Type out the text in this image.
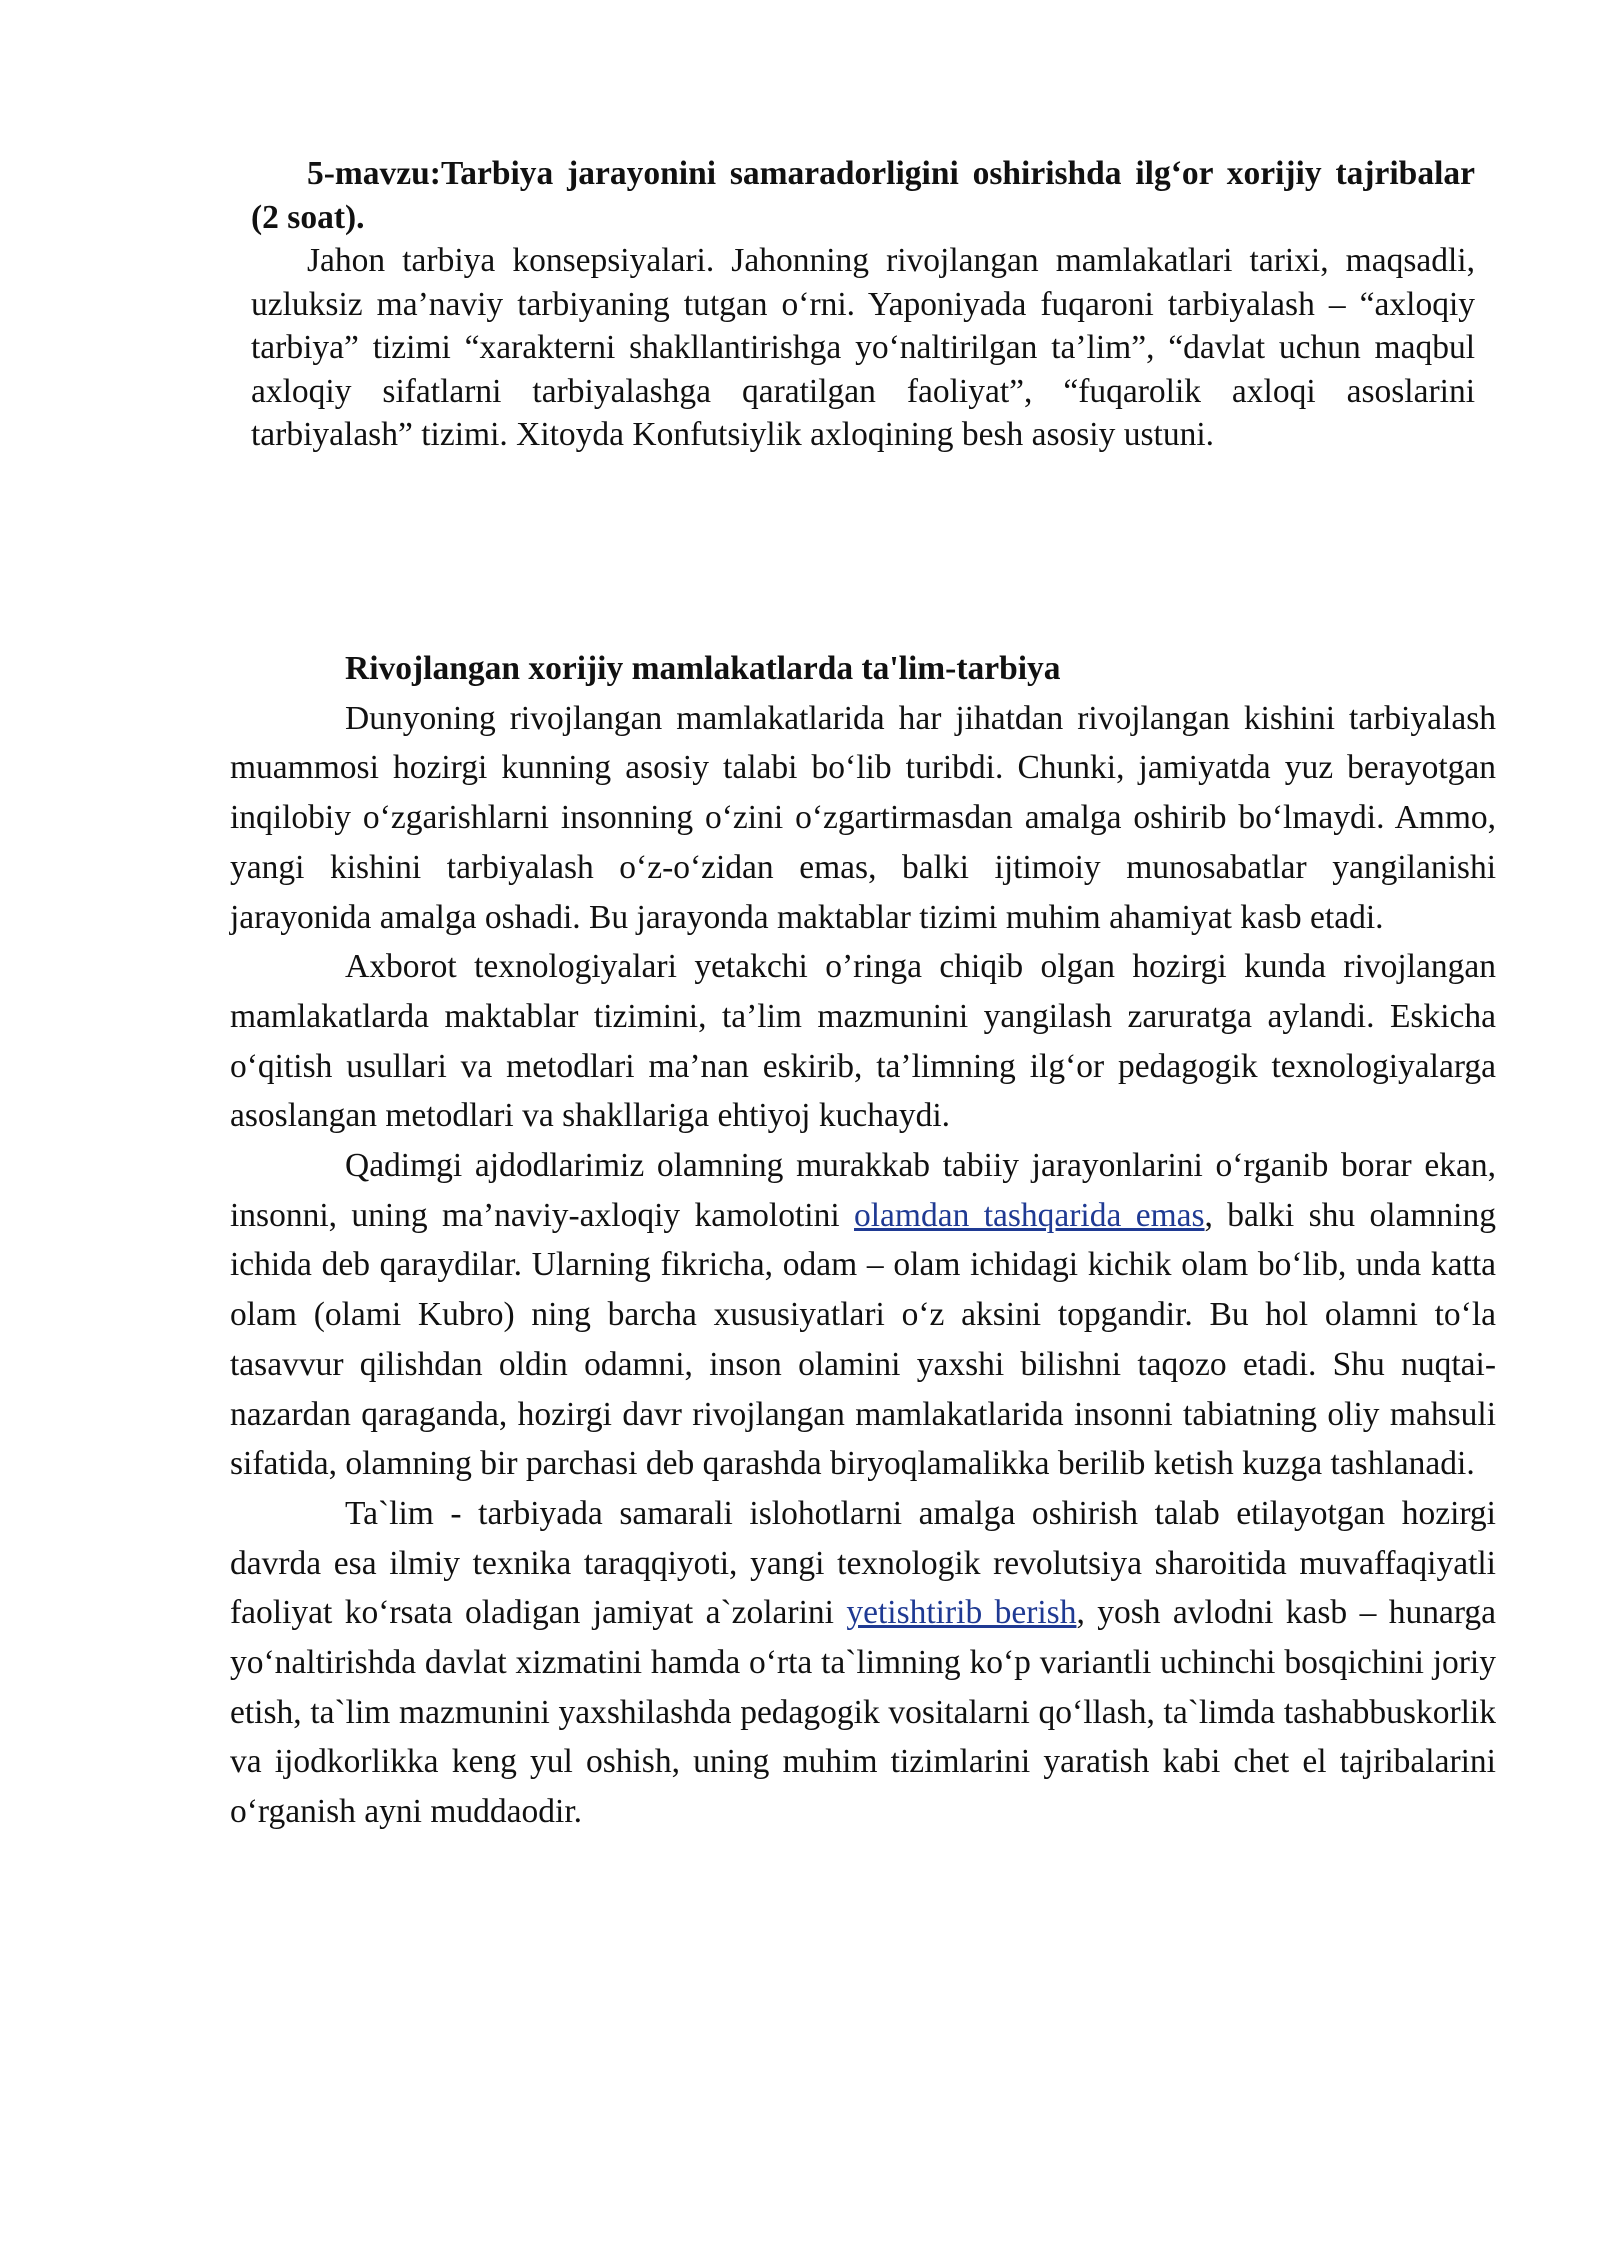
5-mavzu:Tarbiya jarayonini samaradorligini oshirishda ilg‘or xorijiy tajribalar (2 soat).

Jahon tarbiya konsepsiyalari. Jahonning rivojlangan mamlakatlari tarixi, maqsadli, uzluksiz ma’naviy tarbiyaning tutgan o‘rni. Yaponiyada fuqaroni tarbiyalash – “axloqiy tarbiya” tizimi “xarakterni shakllantirishga yo‘naltirilgan ta’lim”, “davlat uchun maqbul axloqiy sifatlarni tarbiyalashga qaratilgan faoliyat”, “fuqarolik axloqi asoslarini tarbiyalash” tizimi. Xitoyda Konfutsiylik axloqining besh asosiy ustuni.

Rivojlangan xorijiy mamlakatlarda ta'lim-tarbiya

Dunyoning rivojlangan mamlakatlarida har jihatdan rivojlangan kishini tarbiyalash muammosi hozirgi kunning asosiy talabi bo‘lib turibdi. Chunki, jamiyatda yuz berayotgan inqilobiy o‘zgarishlarni insonning o‘zini o‘zgartirmasdan amalga oshirib bo‘lmaydi. Ammo, yangi kishini tarbiyalash o‘z-o‘zidan emas, balki ijtimoiy munosabatlar yangilanishi jarayonida amalga oshadi. Bu jarayonda maktablar tizimi muhim ahamiyat kasb etadi.

Axborot texnologiyalari yetakchi o’ringa chiqib olgan hozirgi kunda rivojlangan mamlakatlarda maktablar tizimini, ta’lim mazmunini yangilash zaruratga aylandi. Eskicha o‘qitish usullari va metodlari ma’nan eskirib, ta’limning ilg‘or pedagogik texnologiyalarga asoslangan metodlari va shakllariga ehtiyoj kuchaydi.

Qadimgi ajdodlarimiz olamning murakkab tabiiy jarayonlarini o‘rganib borar ekan, insonni, uning ma’naviy-axloqiy kamolotini olamdan tashqarida emas, balki shu olamning ichida deb qaraydilar. Ularning fikricha, odam – olam ichidagi kichik olam bo‘lib, unda katta olam (olami Kubro) ning barcha xususiyatlari o‘z aksini topgandir. Bu hol olamni to‘la tasavvur qilishdan oldin odamni, inson olamini yaxshi bilishni taqozo etadi. Shu nuqtai-nazardan qaraganda, hozirgi davr rivojlangan mamlakatlarida insonni tabiatning oliy mahsuli sifatida, olamning bir parchasi deb qarashda biryoqlamalikka berilib ketish kuzga tashlanadi.

Ta`lim - tarbiyada samarali islohotlarni amalga oshirish talab etilayotgan hozirgi davrda esa ilmiy texnika taraqqiyoti, yangi texnologik revolutsiya sharoitida muvaffaqiyatli faoliyat ko‘rsata oladigan jamiyat a`zolarini yetishtirib berish, yosh avlodni kasb – hunarga yo‘naltirishda davlat xizmatini hamda o‘rta ta`limning ko‘p variantli uchinchi bosqichini joriy etish, ta`lim mazmunini yaxshilashda pedagogik vositalarni qo‘llash, ta`limda tashabbuskorlik va ijodkorlikka keng yul oshish, uning muhim tizimlarini yaratish kabi chet el tajribalarini o‘rganish ayni muddaodir.
